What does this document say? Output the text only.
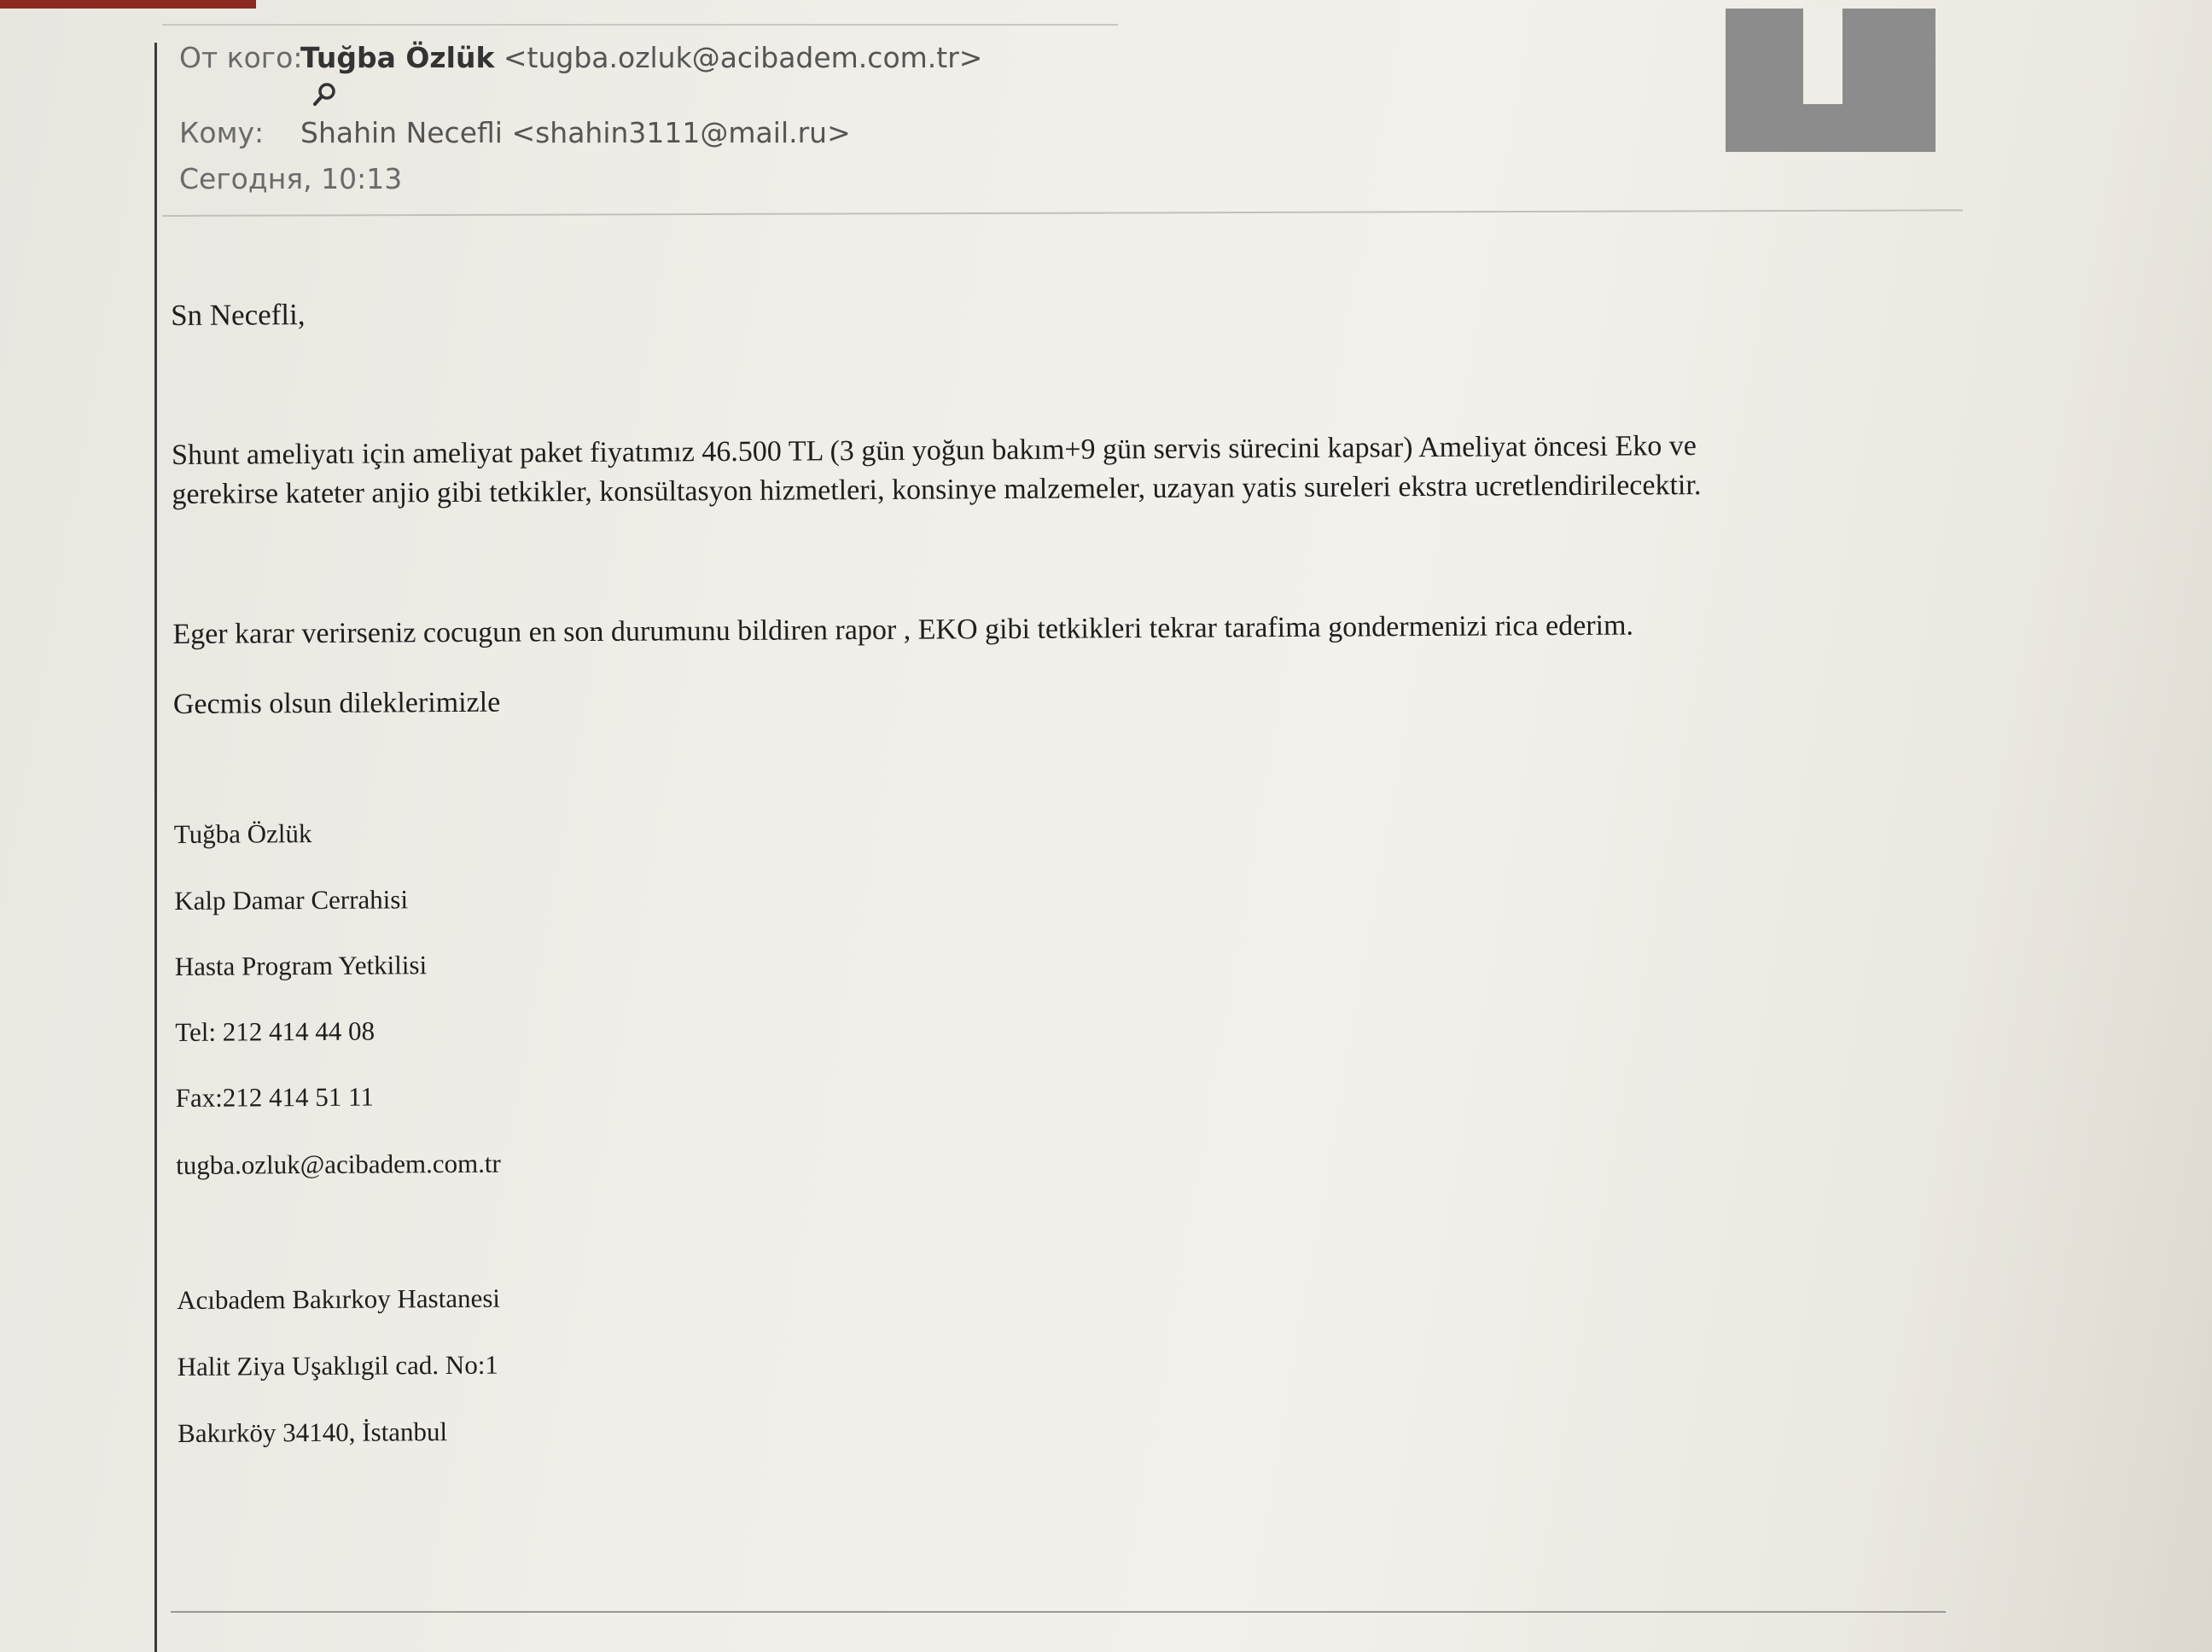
От кого:
Tuğba Özlük <tugba.ozluk@acibadem.com.tr>
Кому: Shahin Necefli <shahin3111@mail.ru>
Сегодня, 10:13
Sn Necefli,
Shunt ameliyatı için ameliyat paket fiyatımız 46.500 TL (3 gün yoğun bakım+9 gün servis sürecini kapsar) Ameliyat öncesi Eko ve
gerekirse kateter anjio gibi tetkikler, konsültasyon hizmetleri, konsinye malzemeler, uzayan yatis sureleri ekstra ucretlendirilecektir.
Eger karar verirseniz cocugun en son durumunu bildiren rapor , EKO gibi tetkikleri tekrar tarafima gondermenizi rica ederim.
Gecmis olsun dileklerimizle
Tuğba Özlük
Kalp Damar Cerrahisi
Hasta Program Yetkilisi
Tel: 212 414 44 08
Fax:212 414 51 11
tugba.ozluk@acibadem.com.tr
Acıbadem Bakırkoy Hastanesi
Halit Ziya Uşaklıgil cad. No:1
Bakırköy 34140, İstanbul
